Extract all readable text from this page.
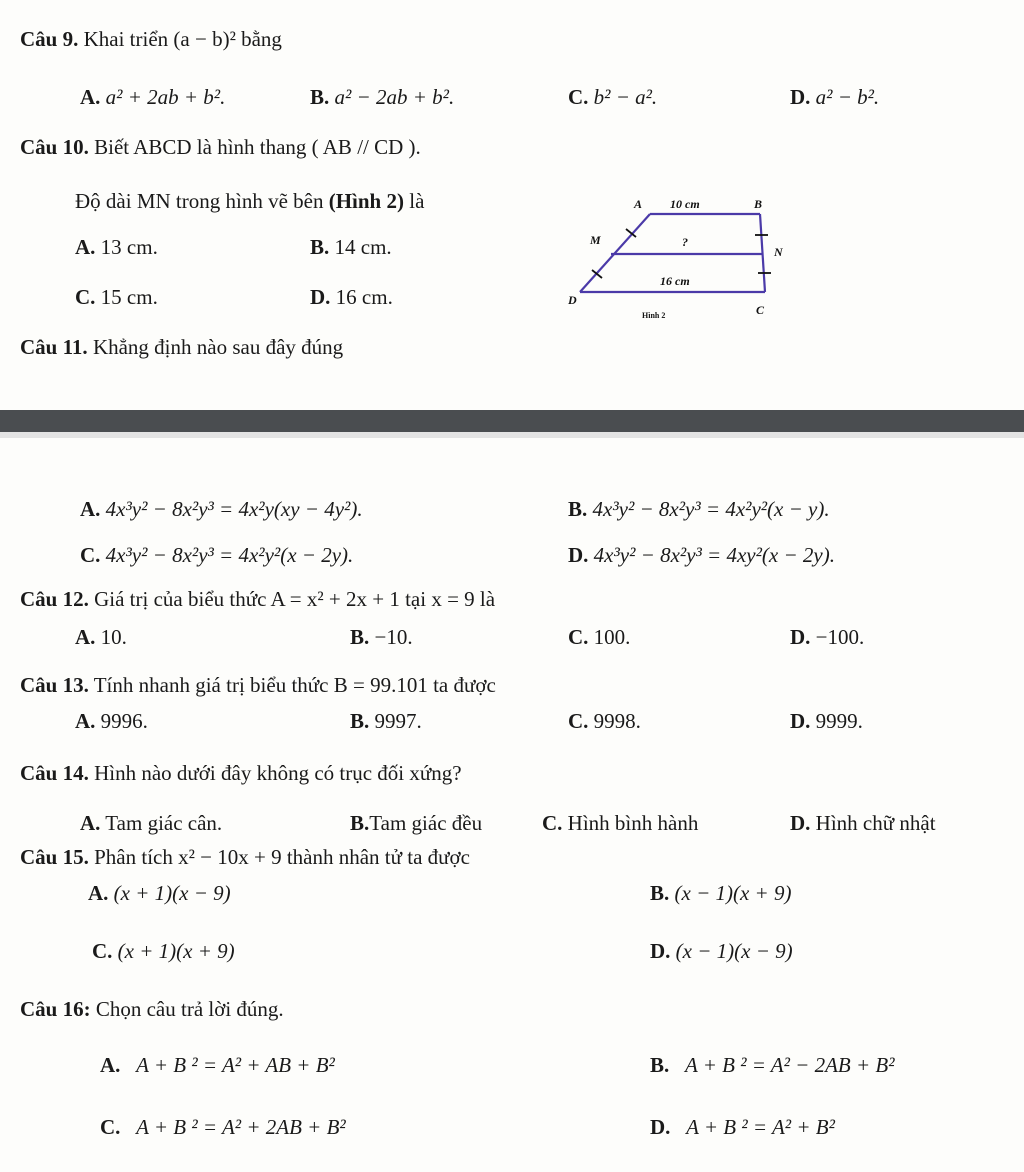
Câu 9. Khai triển (a − b)² bằng
A. a² + 2ab + b².	B. a² − 2ab + b².	C. b² − a².	D. a² − b².
Câu 10. Biết ABCD là hình thang ( AB // CD ).
Độ dài MN trong hình vẽ bên (Hình 2) là
A. 13 cm.	B. 14 cm.
C. 15 cm.	D. 16 cm.
A	B
M
N
D
C
10 cm
?
16 cm
Hình 2
Câu 11. Khẳng định nào sau đây đúng
A. 4x³y² − 8x²y³ = 4x²y(xy − 4y²).	B. 4x³y² − 8x²y³ = 4x²y²(x − y).
C. 4x³y² − 8x²y³ = 4x²y²(x − 2y).	D. 4x³y² − 8x²y³ = 4xy²(x − 2y).
Câu 12. Giá trị của biểu thức A = x² + 2x + 1 tại x = 9 là
A. 10.	B. −10.	C. 100.	D. −100.
Câu 13. Tính nhanh giá trị biểu thức B = 99.101 ta được
A. 9996.	B. 9997.	C. 9998.	D. 9999.
Câu 14. Hình nào dưới đây không có trục đối xứng?
A. Tam giác cân.	B.Tam giác đều	C. Hình bình hành	D. Hình chữ nhật
Câu 15. Phân tích x² − 10x + 9 thành nhân tử ta được
A. (x + 1)(x − 9)	B. (x − 1)(x + 9)
C. (x + 1)(x + 9)	D. (x − 1)(x − 9)
Câu 16: Chọn câu trả lời đúng.
A. A + B ² = A² + AB + B²	B. A + B ² = A² − 2AB + B²
C. A + B ² = A² + 2AB + B²	D. A + B ² = A² + B²
